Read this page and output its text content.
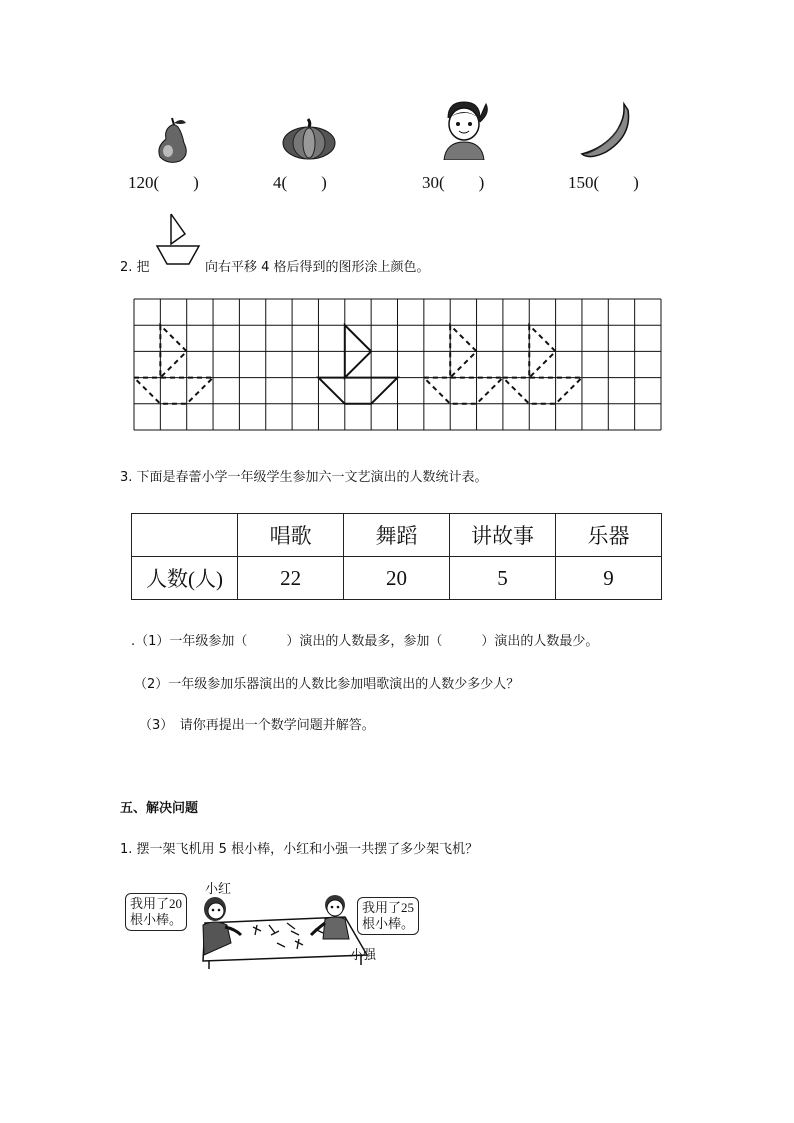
120(　　)	4(　　)	30(　　)	150(　　)
2. 把	向右平移 4 格后得到的图形涂上颜色。
3. 下面是春蕾小学一年级学生参加六一文艺演出的人数统计表。
	唱歌	舞蹈	讲故事	乐器
人数(人)	22	20	5	9
.（1）一年级参加（　　　）演出的人数最多，参加（　　　）演出的人数最少。
（2）一年级参加乐器演出的人数比参加唱歌演出的人数少多少人？
（3）　请你再提出一个数学问题并解答。
五、解决问题
1. 摆一架飞机用 5 根小棒，小红和小强一共摆了多少架飞机？
小红
我用了20
根小棒。
我用了25
根小棒。
小强
